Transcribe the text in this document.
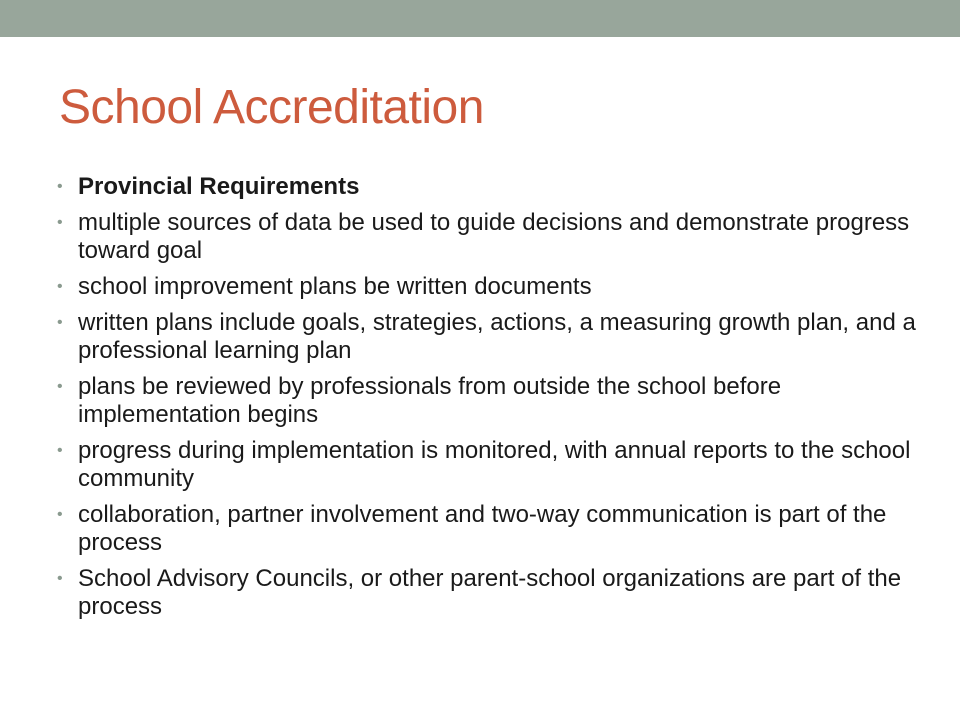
School Accreditation
• Provincial Requirements
• multiple sources of data be used to guide decisions and demonstrate progress toward goal
• school improvement plans be written documents
• written plans include goals, strategies, actions, a measuring growth plan, and a professional learning plan
• plans be reviewed by professionals from outside the school before implementation begins
• progress during implementation is monitored, with annual reports to the school community
• collaboration, partner involvement and two-way communication is part of the process
• School Advisory Councils, or other parent-school organizations are part of the process
